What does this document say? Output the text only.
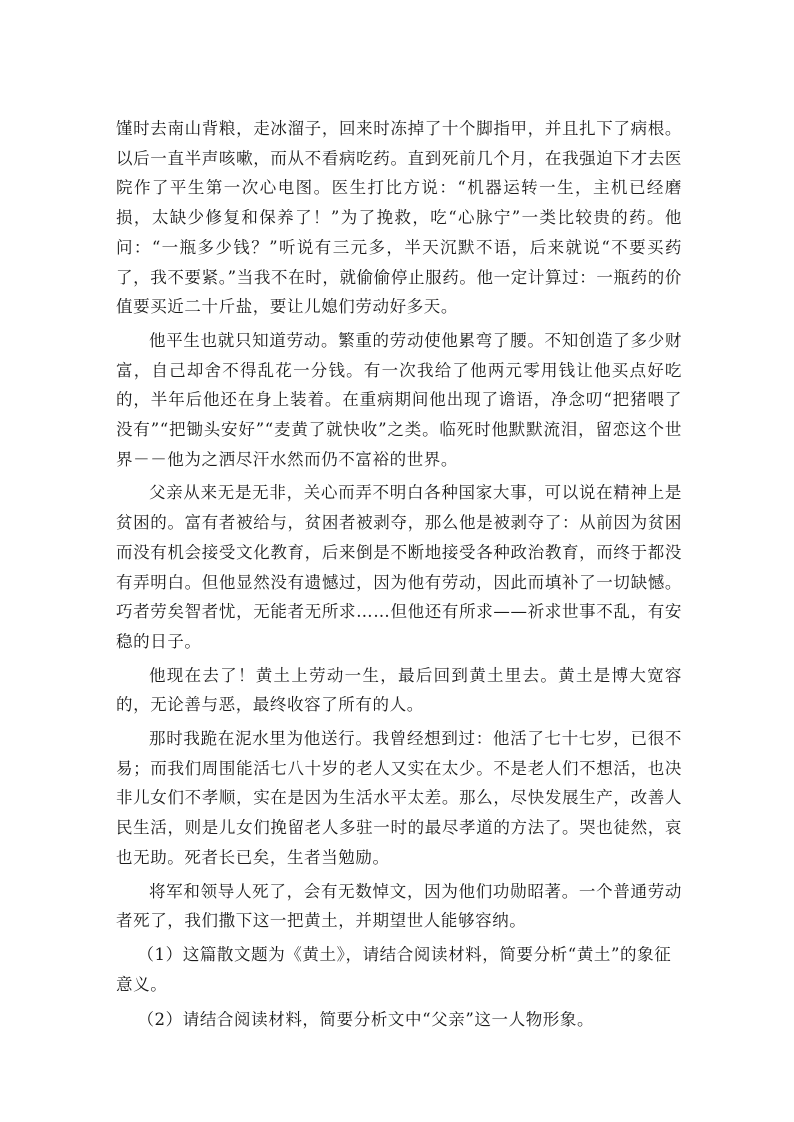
馑时去南山背粮，走冰溜子，回来时冻掉了十个脚指甲，并且扎下了病根。以后一直半声咳嗽，而从不看病吃药。直到死前几个月，在我强迫下才去医院作了平生第一次心电图。医生打比方说：“机器运转一生，主机已经磨损，太缺少修复和保养了！”为了挽救，吃“心脉宁”一类比较贵的药。他问：“一瓶多少钱？”听说有三元多，半天沉默不语，后来就说“不要买药了，我不要紧。”当我不在时，就偷偷停止服药。他一定计算过：一瓶药的价值要买近二十斤盐，要让儿媳们劳动好多天。

他平生也就只知道劳动。繁重的劳动使他累弯了腰。不知创造了多少财富，自己却舍不得乱花一分钱。有一次我给了他两元零用钱让他买点好吃的，半年后他还在身上装着。在重病期间他出现了谵语，净念叨“把猪喂了没有”“把锄头安好”“麦黄了就快收”之类。临死时他默默流泪，留恋这个世界－－他为之洒尽汗水然而仍不富裕的世界。

父亲从来无是无非，关心而弄不明白各种国家大事，可以说在精神上是贫困的。富有者被给与，贫困者被剥夺，那么他是被剥夺了：从前因为贫困而没有机会接受文化教育，后来倒是不断地接受各种政治教育，而终于都没有弄明白。但他显然没有遗憾过，因为他有劳动，因此而填补了一切缺憾。巧者劳矣智者忧，无能者无所求……但他还有所求——祈求世事不乱，有安稳的日子。

他现在去了！黄土上劳动一生，最后回到黄土里去。黄土是博大宽容的，无论善与恶，最终收容了所有的人。

那时我跪在泥水里为他送行。我曾经想到过：他活了七十七岁，已很不易；而我们周围能活七八十岁的老人又实在太少。不是老人们不想活，也决非儿女们不孝顺，实在是因为生活水平太差。那么，尽快发展生产，改善人民生活，则是儿女们挽留老人多驻一时的最尽孝道的方法了。哭也徒然，哀也无助。死者长已矣，生者当勉励。

将军和领导人死了，会有无数悼文，因为他们功勋昭著。一个普通劳动者死了，我们撒下这一把黄土，并期望世人能够容纳。

（1）这篇散文题为《黄土》，请结合阅读材料，简要分析“黄土”的象征意义。

（2）请结合阅读材料，简要分析文中“父亲”这一人物形象。
